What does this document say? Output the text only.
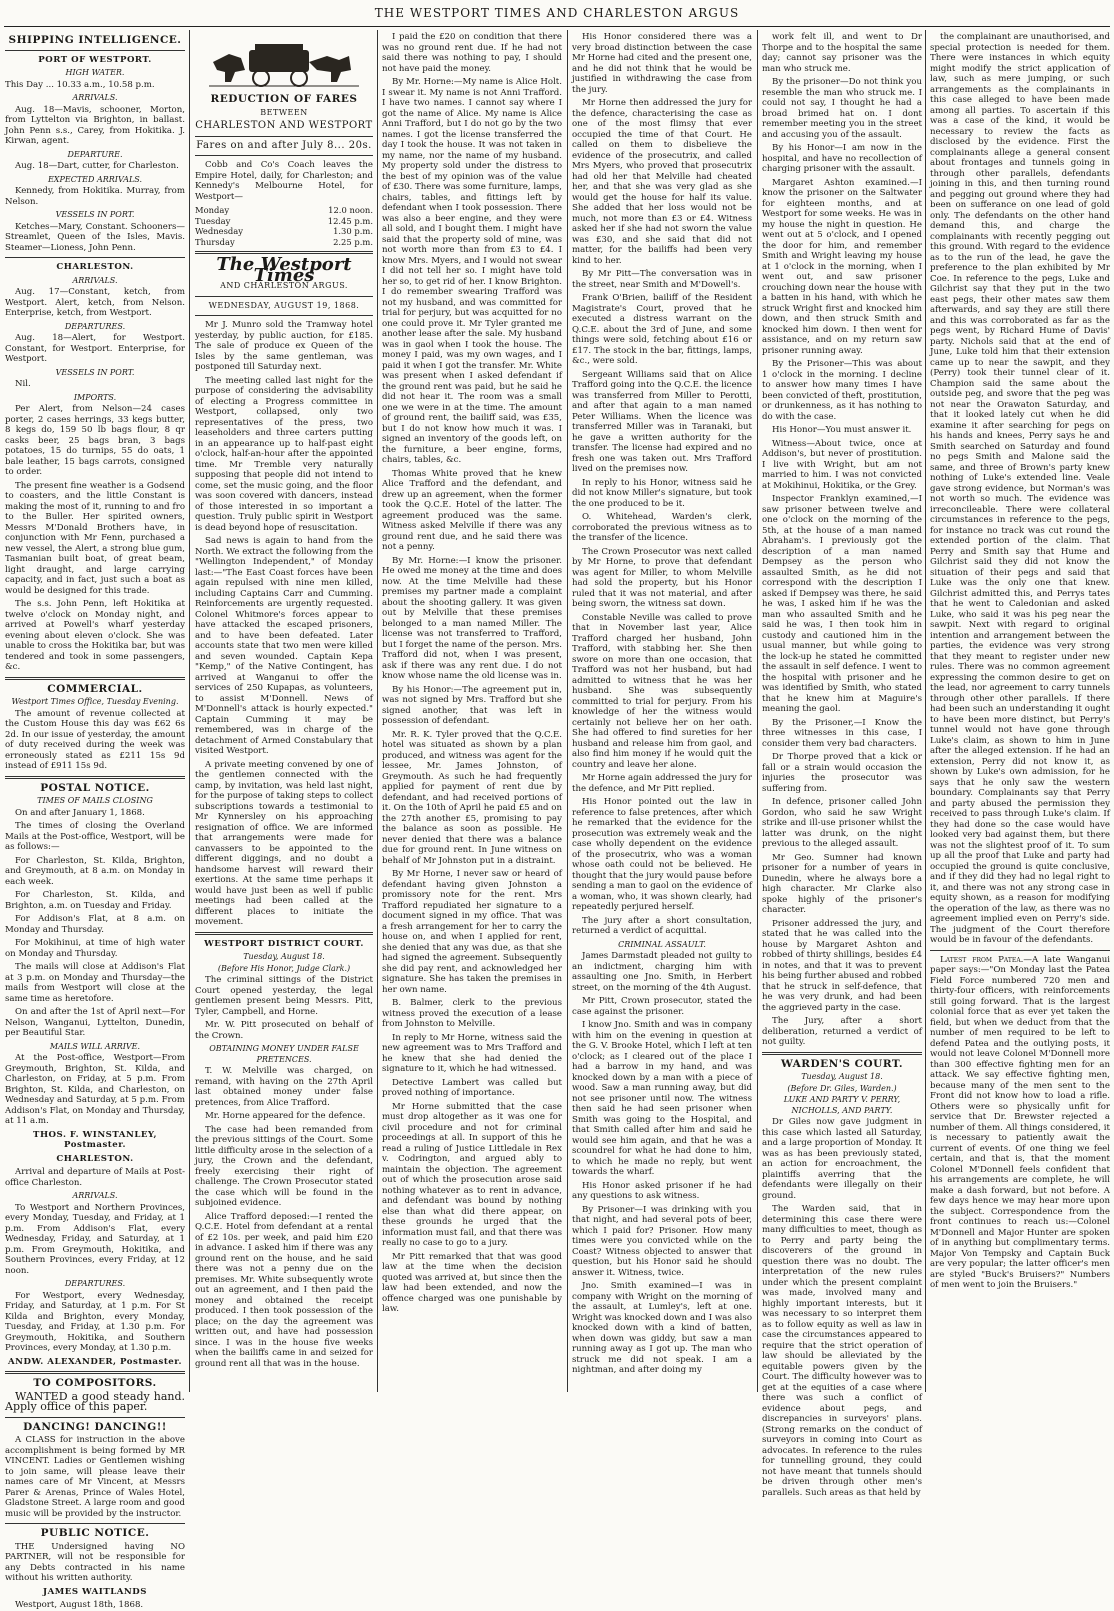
THE WESTPORT TIMES AND CHARLESTON ARGUS
SHIPPING INTELLIGENCE.
PORT OF WESTPORT.
HIGH WATER.

This Day ... 10.33 a.m., 10.58 p.m.

ARRIVALS.

Aug. 18—Mavis, schooner, Morton, from Lyttelton via Brighton, in ballast. John Penn s.s., Carey, from Hokitika. J. Kirwan, agent.

DEPARTURE.

Aug. 18—Dart, cutter, for Charleston.

EXPECTED ARRIVALS.

Kennedy, from Hokitika. Murray, from Nelson.

VESSELS IN PORT.

Ketches—Mary, Constant. Schooners—Streamlet, Queen of the Isles, Mavis. Steamer—Lioness, John Penn.

CHARLESTON.
ARRIVALS.

Aug. 17—Constant, ketch, from Westport. Alert, ketch, from Nelson. Enterprise, ketch, from Westport.

DEPARTURES.

Aug. 18—Alert, for Westport. Constant, for Westport. Enterprise, for Westport.

VESSELS IN PORT.

Nil.

IMPORTS.

Per Alert, from Nelson—24 cases porter, 2 cases herrings, 33 kegs butter, 8 kegs do, 159 50 lb bags flour, 8 qr casks beer, 25 bags bran, 3 bags potatoes, 15 do turnips, 55 do oats, 1 bale leather, 15 bags carrots, consigned to order.

The present fine weather is a Godsend to coasters, and the little Constant is making the most of it, running to and fro to the Buller. Her spirited owners, Messrs M'Donald Brothers have, in conjunction with Mr Fenn, purchased a new vessel, the Alert, a strong blue gum, Tasmanian built boat, of great beam, light draught, and large carrying capacity, and in fact, just such a boat as would be designed for this trade.

The s.s. John Penn, left Hokitika at twelve o'clock on Monday night, and arrived at Powell's wharf yesterday evening about eleven o'clock. She was unable to cross the Hokitika bar, but was tendered and took in some passengers, &c.

COMMERCIAL.
Westport Times Office, Tuesday Evening.

The amount of revenue collected at the Custom House this day was £62 6s 2d. In our issue of yesterday, the amount of duty received during the week was erroneously stated as £211 15s 9d instead of £911 15s 9d.

POSTAL NOTICE.
TIMES OF MAILS CLOSING

On and after January 1, 1868.

The times of closing the Overland Mails at the Post-office, Westport, will be as follows:—

For Charleston, St. Kilda, Brighton, and Greymouth, at 8 a.m. on Monday in each week.

For Charleston, St. Kilda, and Brighton, a.m. on Tuesday and Friday.

For Addison's Flat, at 8 a.m. on Monday and Thursday.

For Mokihinui, at time of high water on Monday and Thursday.

The mails will close at Addison's Flat at 3 p.m. on Monday and Thursday—the mails from Westport will close at the same time as heretofore.

On and after the 1st of April next—For Nelson, Wanganui, Lyttelton, Dunedin, per Beautiful Star.

MAILS WILL ARRIVE.

At the Post-office, Westport—From Greymouth, Brighton, St. Kilda, and Charleston, on Friday, at 5 p.m. From Brighton, St. Kilda, and Charleston, on Wednesday and Saturday, at 5 p.m. From Addison's Flat, on Monday and Thursday, at 11 a.m.

THOS. F. WINSTANLEY, Postmaster.
CHARLESTON.

Arrival and departure of Mails at Post-office Charleston.

ARRIVALS.

To Westport and Northern Provinces, every Monday, Tuesday, and Friday, at 1 p.m. From Addison's Flat, every Wednesday, Friday, and Saturday, at 1 p.m. From Greymouth, Hokitika, and Southern Provinces, every Friday, at 12 noon.

DEPARTURES.

For Westport, every Wednesday, Friday, and Saturday, at 1 p.m. For St Kilda and Brighton, every Monday, Tuesday, and Friday, at 1.30 p.m. For Greymouth, Hokitika, and Southern Provinces, every Monday, at 1.30 p.m.

ANDW. ALEXANDER, Postmaster.
TO COMPOSITORS.

WANTED a good steady hand. Apply office of this paper.

DANCING! DANCING!!

A CLASS for instruction in the above accomplishment is being formed by MR VINCENT. Ladies or Gentlemen wishing to join same, will please leave their names care of Mr Vincent, at Messrs Parer & Arenas, Prince of Wales Hotel, Gladstone Street. A large room and good music will be provided by the instructor.

PUBLIC NOTICE.

THE Undersigned having NO PARTNER, will not be responsible for any Debts contracted in his name without his written authority.

JAMES WAITLANDS

Westport, August 18th, 1868.

REDUCTION OF FARES
BETWEEN
CHARLESTON AND WESTPORT
Fares on and after July 8... 20s.

Cobb and Co's Coach leaves the Empire Hotel, daily, for Charleston; and Kennedy's Melbourne Hotel, for Westport—

Monday	12.0 noon.
Tuesday	12.45 p.m.
Wednesday	1.30 p.m.
Thursday	2.25 p.m.
The Westport Times
AND CHARLESTON ARGUS.
WEDNESDAY, AUGUST 19, 1868.

Mr J. Munro sold the Tramway hotel yesterday, by public auction, for £185. The sale of produce ex Queen of the Isles by the same gentleman, was postponed till Saturday next.

The meeting called last night for the purpose of considering the advisability of electing a Progress committee in Westport, collapsed, only two representatives of the press, two leaseholders and three carters putting in an appearance up to half-past eight o'clock, half-an-hour after the appointed time. Mr Tremble very naturally supposing that people did not intend to come, set the music going, and the floor was soon covered with dancers, instead of those interested in so important a question. Truly public spirit in Westport is dead beyond hope of resuscitation.

Sad news is again to hand from the North. We extract the following from the "Wellington Independent," of Monday last:—"The East Coast forces have been again repulsed with nine men killed, including Captains Carr and Cumming. Reinforcements are urgently requested. Colonel Whitmore's forces appear to have attacked the escaped prisoners, and to have been defeated. Later accounts state that two men were killed and seven wounded. Captain Kepa "Kemp," of the Native Contingent, has arrived at Wanganui to offer the services of 250 Kupapas, as volunteers, to assist M'Donnell. News of M'Donnell's attack is hourly expected." Captain Cumming it may be remembered, was in charge of the detachment of Armed Constabulary that visited Westport.

A private meeting convened by one of the gentlemen connected with the camp, by invitation, was held last night, for the purpose of taking steps to collect subscriptions towards a testimonial to Mr Kynnersley on his approaching resignation of office. We are informed that arrangements were made for canvassers to be appointed to the different diggings, and no doubt a handsome harvest will reward their exertions. At the same time perhaps it would have just been as well if public meetings had been called at the different places to initiate the movement.

WESTPORT DISTRICT COURT.
Tuesday, August 18.
(Before His Honor, Judge Clark.)

The criminal sittings of the District Court opened yesterday, the legal gentlemen present being Messrs. Pitt, Tyler, Campbell, and Horne.

Mr. W. Pitt prosecuted on behalf of the Crown.

OBTAINING MONEY UNDER FALSE PRETENCES.

T. W. Melville was charged, on remand, with having on the 27th April last obtained money under false pretences, from Alice Trafford.

Mr. Horne appeared for the defence.

The case had been remanded from the previous sittings of the Court. Some little difficulty arose in the selection of a jury, the Crown and the defendant, freely exercising their right of challenge. The Crown Prosecutor stated the case which will be found in the subjoined evidence.

Alice Trafford deposed:—I rented the Q.C.E. Hotel from defendant at a rental of £2 10s. per week, and paid him £20 in advance. I asked him if there was any ground rent on the house, and he said there was not a penny due on the premises. Mr. White subsequently wrote out an agreement, and I then paid the money and obtained the receipt produced. I then took possession of the place; on the day the agreement was written out, and have had possession since. I was in the house five weeks when the bailiffs came in and seized for ground rent all that was in the house.

I paid the £20 on condition that there was no ground rent due. If he had not said there was nothing to pay, I should not have paid the money.

By Mr. Horne:—My name is Alice Holt. I swear it. My name is not Anni Trafford. I have two names. I cannot say where I got the name of Alice. My name is Alice Anni Trafford, but I do not go by the two names. I got the license transferred the day I took the house. It was not taken in my name, nor the name of my husband. My property sold under the distress to the best of my opinion was of the value of £30. There was some furniture, lamps, chairs, tables, and fittings left by defendant when I took possession. There was also a beer engine, and they were all sold, and I bought them. I might have said that the property sold of mine, was not worth more than from £3 to £4. I know Mrs. Myers, and I would not swear I did not tell her so. I might have told her so, to get rid of her. I know Brighton. I do remember swearing Trafford was not my husband, and was committed for trial for perjury, but was acquitted for no one could prove it. Mr Tyler granted me another lease after the sale. My husband was in gaol when I took the house. The money I paid, was my own wages, and I paid it when I got the transfer. Mr. White was present when I asked defendant if the ground rent was paid, but he said he did not hear it. The room was a small one we were in at the time. The amount of ground rent, the bailiff said, was £35, but I do not know how much it was. I signed an inventory of the goods left, on the furniture, a beer engine, forms, chairs, tables, &c.

Thomas White proved that he knew Alice Trafford and the defendant, and drew up an agreement, when the former took the Q.C.E. Hotel of the latter. The agreement produced was the same. Witness asked Melville if there was any ground rent due, and he said there was not a penny.

By Mr. Horne:—I know the prisoner. He owed me money at the time and does now. At the time Melville had these premises my partner made a complaint about the shooting gallery. It was given out by Melville that these premises belonged to a man named Miller. The license was not transferred to Trafford, but I forget the name of the person. Mrs. Trafford did not, when I was present, ask if there was any rent due. I do not know whose name the old license was in.

By his Honor:—The agreement put in, was not signed by Mrs. Trafford but she signed another, that was left in possession of defendant.

Mr. R. K. Tyler proved that the Q.C.E. hotel was situated as shown by a plan produced, and witness was agent for the lessee, Mr. James Johnston, of Greymouth. As such he had frequently applied for payment of rent due by defendant, and had received portions of it. On the 10th of April he paid £5 and on the 27th another £5, promising to pay the balance as soon as possible. He never denied that there was a balance due for ground rent. In June witness on behalf of Mr Johnston put in a distraint.

By Mr Horne, I never saw or heard of defendant having given Johnston a promissory note for the rent. Mrs Trafford repudiated her signature to a document signed in my office. That was a fresh arrangement for her to carry the house on, and when I applied for rent, she denied that any was due, as that she had signed the agreement. Subsequently she did pay rent, and acknowledged her signature. She has taken the premises in her own name.

B. Balmer, clerk to the previous witness proved the execution of a lease from Johnston to Melville.

In reply to Mr Horne, witness said the new agreement was to Mrs Trafford and he knew that she had denied the signature to it, which he had witnessed.

Detective Lambert was called but proved nothing of importance.

Mr Horne submitted that the case must drop altogether as it was one for civil procedure and not for criminal proceedings at all. In support of this he read a ruling of Justice Littledale in Rex v. Codrington, and argued ably to maintain the objection. The agreement out of which the prosecution arose said nothing whatever as to rent in advance, and defendant was bound by nothing else than what did there appear, on these grounds he urged that the information must fail, and that there was really no case to go to a jury.

Mr Pitt remarked that that was good law at the time when the decision quoted was arrived at, but since then the law had been extended, and now the offence charged was one punishable by law.

His Honor considered there was a very broad distinction between the case Mr Horne had cited and the present one, and he did not think that he would be justified in withdrawing the case from the jury.

Mr Horne then addressed the jury for the defence, characterising the case as one of the most flimsy that ever occupied the time of that Court. He called on them to disbelieve the evidence of the prosecutrix, and called Mrs Myers, who proved that prosecutrix had old her that Melville had cheated her, and that she was very glad as she would get the house for half its value. She added that her loss would not be much, not more than £3 or £4. Witness asked her if she had not sworn the value was £30, and she said that did not matter, for the bailiffs had been very kind to her.

By Mr Pitt—The conversation was in the street, near Smith and M'Dowell's.

Frank O'Brien, bailiff of the Resident Magistrate's Court, proved that he executed a distress warrant on the Q.C.E. about the 3rd of June, and some things were sold, fetching about £16 or £17. The stock in the bar, fittings, lamps, &c., were sold.

Sergeant Williams said that on Alice Trafford going into the Q.C.E. the licence was transferred from Miller to Perotti, and after that again to a man named Peter Williams. When the licence was transferred Miller was in Taranaki, but he gave a written authority for the transfer. The license had expired and no fresh one was taken out. Mrs Trafford lived on the premises now.

In reply to his Honor, witness said he did not know Miller's signature, but took the one produced to be it.

O. Whitehead, Warden's clerk, corroborated the previous witness as to the transfer of the licence.

The Crown Prosecutor was next called by Mr Horne, to prove that defendant was agent for Miller, to whom Melville had sold the property, but his Honor ruled that it was not material, and after being sworn, the witness sat down.

Constable Neville was called to prove that in November last year, Alice Trafford charged her husband, John Trafford, with stabbing her. She then swore on more than one occasion, that Trafford was not her husband, but had admitted to witness that he was her husband. She was subsequently committed to trial for perjury. From his knowledge of her the witness would certainly not believe her on her oath. She had offered to find sureties for her husband and release him from gaol, and also find him money if he would quit the country and leave her alone.

Mr Horne again addressed the jury for the defence, and Mr Pitt replied.

His Honor pointed out the law in reference to false pretences, after which he remarked that the evidence for the prosecution was extremely weak and the case wholly dependent on the evidence of the prosecutrix, who was a woman whose oath could not be believed. He thought that the jury would pause before sending a man to gaol on the evidence of a woman, who, it was shown clearly, had repeatedly perjured herself.

The jury after a short consultation, returned a verdict of acquittal.

CRIMINAL ASSAULT.

James Darmstadt pleaded not guilty to an indictment, charging him with assaulting one Jno. Smith, in Herbert street, on the morning of the 4th August.

Mr Pitt, Crown prosecutor, stated the case against the prisoner.

I know Jno. Smith and was in company with him on the evening in question at the G. V. Brooke Hotel, which I left at ten o'clock; as I cleared out of the place I had a barrow in my hand, and was knocked down by a man with a piece of wood. Saw a man running away, but did not see prisoner until now. The witness then said he had seen prisoner when Smith was going to the Hospital, and that Smith called after him and said he would see him again, and that he was a scoundrel for what he had done to him, to which he made no reply, but went towards the wharf.

His Honor asked prisoner if he had any questions to ask witness.

By Prisoner—I was drinking with you that night, and had several pots of beer, which I paid for? Prisoner. How many times were you convicted while on the Coast? Witness objected to answer that question, but his Honor said he should answer it. Witness, twice.

Jno. Smith examined—I was in company with Wright on the morning of the assault, at Lumley's, left at one. Wright was knocked down and I was also knocked down with a kind of batten, when down was giddy, but saw a man running away as I got up. The man who struck me did not speak. I am a nightman, and after doing my

work felt ill, and went to Dr Thorpe and to the hospital the same day; cannot say prisoner was the man who struck me.

By the prisoner—Do not think you resemble the man who struck me. I could not say, I thought he had a broad brimed hat on. I dont remember meeting you in the street and accusing you of the assault.

By his Honor—I am now in the hospital, and have no recollection of charging prisoner with the assault.

Margaret Ashton examined.—I know the prisoner on the Saltwater for eighteen months, and at Westport for some weeks. He was in my house the night in question. He went out at 5 o'clock, and I opened the door for him, and remember Smith and Wright leaving my house at 1 o'clock in the morning, when I went out, and saw prisoner crouching down near the house with a batten in his hand, with which he struck Wright first and knocked him down, and then struck Smith and knocked him down. I then went for assistance, and on my return saw prisoner running away.

By the Prisoner—This was about 1 o'clock in the morning. I decline to answer how many times I have been convicted of theft, prostitution, or drunkenness, as it has nothing to do with the case.

His Honor—You must answer it.

Witness—About twice, once at Addison's, but never of prostitution. I live with Wright, but am not married to him. I was not convicted at Mokihinui, Hokitika, or the Grey.

Inspector Franklyn examined,—I saw prisoner between twelve and one o'clock on the morning of the 5th, at the house of a man named Abraham's. I previously got the description of a man named Dempsey as the person who assaulted Smith, as he did not correspond with the description I asked if Dempsey was there, he said he was, I asked him if he was the man who assaulted Smith and he said he was, I then took him in custody and cautioned him in the usual manner, but while going to the lock-up he stated he committed the assault in self defence. I went to the hospital with prisoner and he was identified by Smith, who stated that he knew him at Maguire's meaning the gaol.

By the Prisoner,—I Know the three witnesses in this case, I consider them very bad characters.

Dr Thorpe proved that a kick or fall or a strain would occasion the injuries the prosecutor was suffering from.

In defence, prisoner called John Gordon, who said he saw Wright strike and ill-use prisoner whilst the latter was drunk, on the night previous to the alleged assault.

Mr Geo. Sumner had known prisoner for a number of years in Dunedin, where he always bore a high character. Mr Clarke also spoke highly of the prisoner's character.

Prisoner addressed the jury, and stated that he was called into the house by Margaret Ashton and robbed of thirty shillings, besides £4 in notes, and that it was to prevent his being further abused and robbed that he struck in self-defence, that he was very drunk, and had been the aggrieved party in the case.

The Jury, after a short deliberation, returned a verdict of not guilty.

WARDEN'S COURT.
Tuesday, August 18.
(Before Dr. Giles, Warden.)
LUKE AND PARTY V. PERRY, NICHOLLS, AND PARTY.

Dr Giles now gave judgment in this case which lasted all Saturday, and a large proportion of Monday. It was as has been previously stated, an action for encroachment, the plaintiffs averring that the defendants were illegally on their ground.

The Warden said, that in determining this case there were many difficulties to meet, though as to Perry and party being the discoverers of the ground in question there was no doubt. The interpretation of the new rules under which the present complaint was made, involved many and highly important interests, but it was necessary to so interpret them as to follow equity as well as law in case the circumstances appeared to require that the strict operation of law should be alleviated by the equitable powers given by the Court. The difficulty however was to get at the equities of a case where there was such a conflict of evidence about pegs, and discrepancies in surveyors' plans. (Strong remarks on the conduct of surveyors in coming into Court as advocates. In reference to the rules for tunnelling ground, they could not have meant that tunnels should be driven through other men's parallels. Such areas as that held by

the complainant are unauthorised, and special protection is needed for them. There were instances in which equity might modify the strict application of law, such as mere jumping, or such arrangements as the complainants in this case alleged to have been made among all parties. To ascertain if this was a case of the kind, it would be necessary to review the facts as disclosed by the evidence. First the complainants allege a general consent about frontages and tunnels going in through other parallels, defendants joining in this, and then turning round and pegging out ground where they had been on sufferance on one lead of gold only. The defendants on the other hand demand this, and charge the complainants with recently pegging out this ground. With regard to the evidence as to the run of the lead, he gave the preference to the plan exhibited by Mr Coe. In reference to the pegs, Luke and Gilchrist say that they put in the two east pegs, their other mates saw them afterwards, and say they are still there and this was corroborated as far as the pegs went, by Richard Hume of Davis' party. Nichols said that at the end of June, Luke told him that their extension came up to near the sawpit, and they (Perry) took their tunnel clear of it. Champion said the same about the outside peg, and swore that the peg was not near the Orawaton Saturday, and that it looked lately cut when he did examine it after searching for pegs on his hands and knees, Perry says he and Smith searched on Saturday and found no pegs Smith and Malone said the same, and three of Brown's party knew nothing of Luke's extended line. Veale gave strong evidence, but Norman's was not worth so much. The evidence was irreconcileable. There were collateral circumstances in reference to the pegs, for instance no track was cut round the extended portion of the claim. That Perry and Smith say that Hume and Gilchrist said they did not know the situation of their pegs and said that Luke was the only one that knew. Gilchrist admitted this, and Perrys tates that he went to Caledonian and asked Luke, who said it was his peg near the sawpit. Next with regard to original intention and arrangement between the parties, the evidence was very strong that they meant to register under new rules. There was no common agreement expressing the common desire to get on the lead, nor agreement to carry tunnels through other other parallels. If there had been such an understanding it ought to have been more distinct, but Perry's tunnel would not have gone through Luke's claim, as shown to him in June after the alleged extension. If he had an extension, Perry did not know it, as shown by Luke's own admission, for he says that he only saw the western boundary. Complainants say that Perry and party abused the permission they received to pass through Luke's claim. If they had done so the case would have looked very bad against them, but there was not the slightest proof of it. To sum up all the proof that Luke and party had occupied the ground is quite conclusive, and if they did they had no legal right to it, and there was not any strong case in equity shown, as a reason for modifying the operation of the law, as there was no agreement implied even on Perry's side. The judgment of the Court therefore would be in favour of the defendants.

Latest from Patea.—A late Wanganui paper says:—"On Monday last the Patea Field Force numbered 720 men and thirty-four officers, with reinforcements still going forward. That is the largest colonial force that as ever yet taken the field, but when we deduct from that the number of men required to be left to defend Patea and the outlying posts, it would not leave Colonel M'Donnell more than 300 effective fighting men for an attack. We say effective fighting men, because many of the men sent to the Front did not know how to load a rifle. Others were so physically unfit for service that Dr. Brewster rejected a number of them. All things considered, it is necessary to patiently await the current of events. Of one thing we feel certain, and that is, that the moment Colonel M'Donnell feels confident that his arrangements are complete, he will make a dash forward, but not before. A few days hence we may hear more upon the subject. Correspondence from the front continues to reach us:—Colonel M'Donnell and Major Hunter are spoken of in anything but complimentary terms. Major Von Tempsky and Captain Buck are very popular; the latter officer's men are styled "Buck's Bruisers?" Numbers of men went to join the Bruisers."
